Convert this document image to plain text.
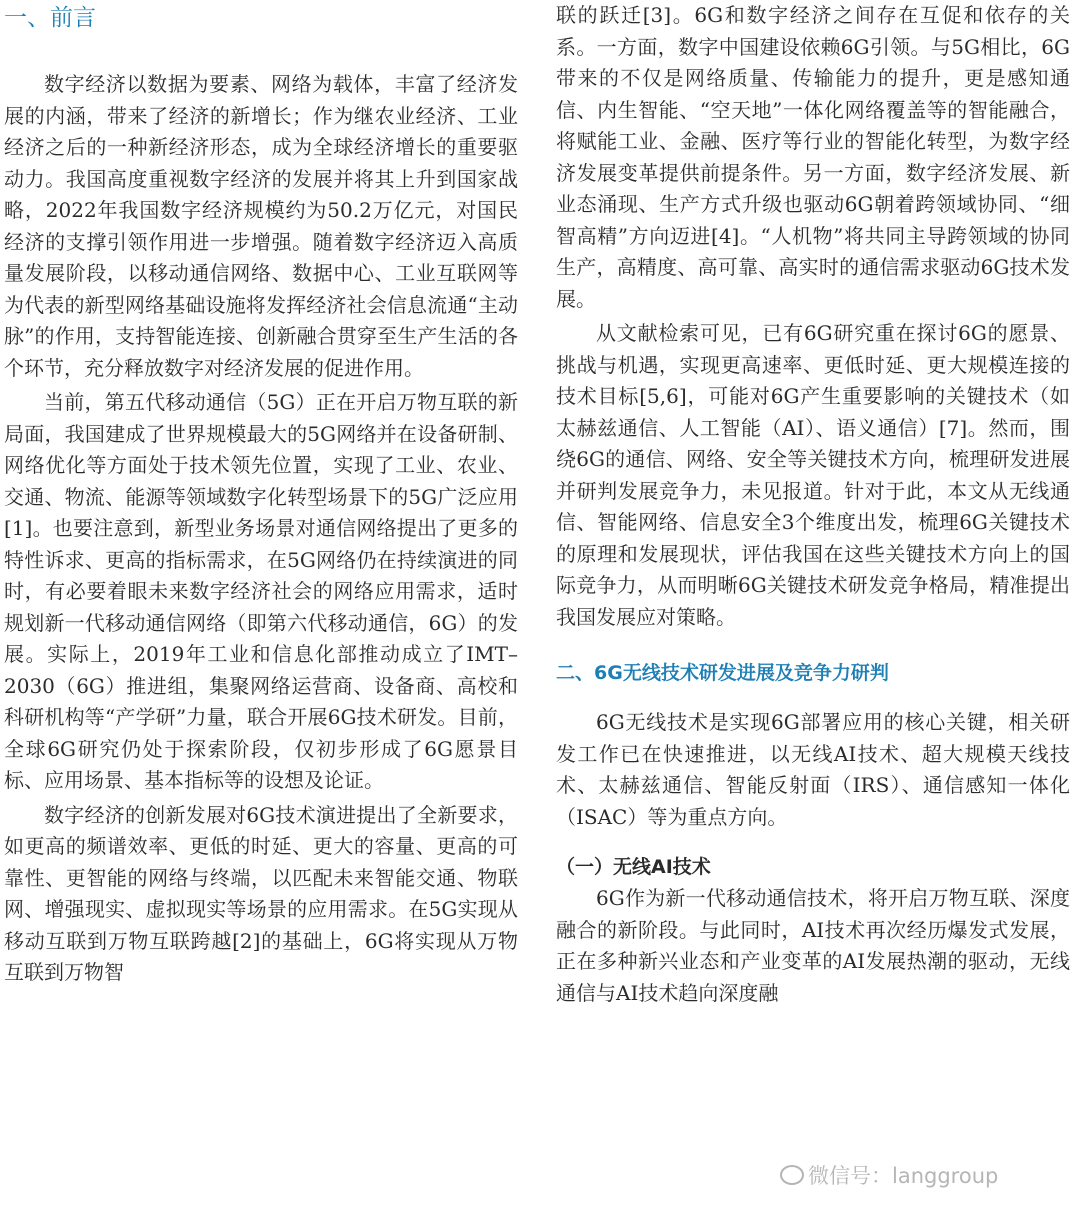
一、前言

数字经济以数据为要素、网络为载体，丰富了经济发展的内涵，带来了经济的新增长；作为继农业经济、工业经济之后的一种新经济形态，成为全球经济增长的重要驱动力。我国高度重视数字经济的发展并将其上升到国家战略，2022年我国数字经济规模约为50.2万亿元，对国民经济的支撑引领作用进一步增强。随着数字经济迈入高质量发展阶段，以移动通信网络、数据中心、工业互联网等为代表的新型网络基础设施将发挥经济社会信息流通“主动脉”的作用，支持智能连接、创新融合贯穿至生产生活的各个环节，充分释放数字对经济发展的促进作用。

当前，第五代移动通信（5G）正在开启万物互联的新局面，我国建成了世界规模最大的5G网络并在设备研制、网络优化等方面处于技术领先位置，实现了工业、农业、交通、物流、能源等领域数字化转型场景下的5G广泛应用[1]。也要注意到，新型业务场景对通信网络提出了更多的特性诉求、更高的指标需求，在5G网络仍在持续演进的同时，有必要着眼未来数字经济社会的网络应用需求，适时规划新一代移动通信网络（即第六代移动通信，6G）的发展。实际上，2019年工业和信息化部推动成立了IMT–2030（6G）推进组，集聚网络运营商、设备商、高校和科研机构等“产学研”力量，联合开展6G技术研发。目前，全球6G研究仍处于探索阶段，仅初步形成了6G愿景目标、应用场景、基本指标等的设想及论证。

数字经济的创新发展对6G技术演进提出了全新要求，如更高的频谱效率、更低的时延、更大的容量、更高的可靠性、更智能的网络与终端，以匹配未来智能交通、物联网、增强现实、虚拟现实等场景的应用需求。在5G实现从移动互联到万物互联跨越[2]的基础上，6G将实现从万物互联到万物智

联的跃迁[3]。6G和数字经济之间存在互促和依存的关系。一方面，数字中国建设依赖6G引领。与5G相比，6G带来的不仅是网络质量、传输能力的提升，更是感知通信、内生智能、“空天地”一体化网络覆盖等的智能融合，将赋能工业、金融、医疗等行业的智能化转型，为数字经济发展变革提供前提条件。另一方面，数字经济发展、新业态涌现、生产方式升级也驱动6G朝着跨领域协同、“细智高精”方向迈进[4]。“人机物”将共同主导跨领域的协同生产，高精度、高可靠、高实时的通信需求驱动6G技术发展。

从文献检索可见，已有6G研究重在探讨6G的愿景、挑战与机遇，实现更高速率、更低时延、更大规模连接的技术目标[5,6]，可能对6G产生重要影响的关键技术（如太赫兹通信、人工智能（AI）、语义通信）[7]。然而，围绕6G的通信、网络、安全等关键技术方向，梳理研发进展并研判发展竞争力，未见报道。针对于此，本文从无线通信、智能网络、信息安全3个维度出发，梳理6G关键技术的原理和发展现状，评估我国在这些关键技术方向上的国际竞争力，从而明晰6G关键技术研发竞争格局，精准提出我国发展应对策略。

二、6G无线技术研发进展及竞争力研判

6G无线技术是实现6G部署应用的核心关键，相关研发工作已在快速推进，以无线AI技术、超大规模天线技术、太赫兹通信、智能反射面（IRS）、通信感知一体化（ISAC）等为重点方向。

（一）无线AI技术

6G作为新一代移动通信技术，将开启万物互联、深度融合的新阶段。与此同时，AI技术再次经历爆发式发展，正在多种新兴业态和产业变革的AI发展热潮的驱动，无线通信与AI技术趋向深度融

微信号：langgroup
